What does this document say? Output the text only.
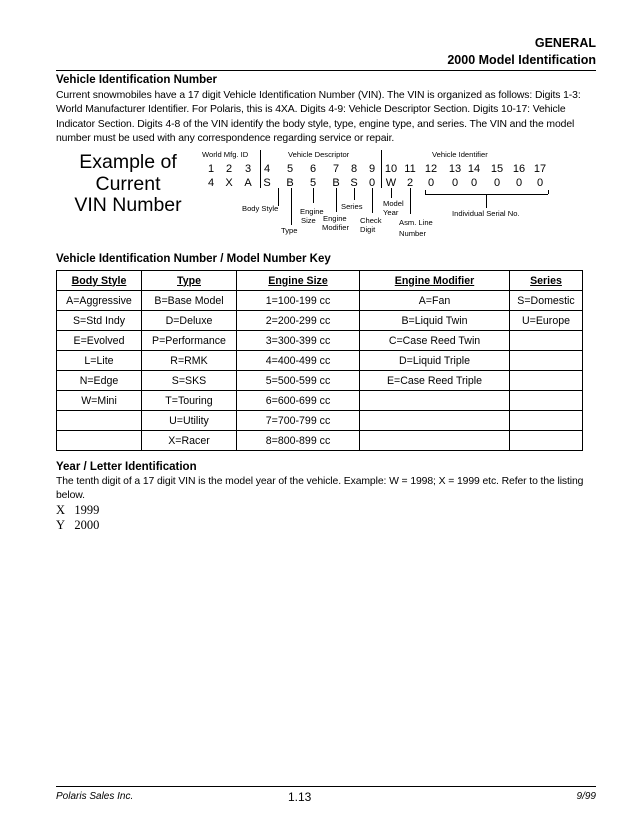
GENERAL
2000 Model Identification
Vehicle Identification Number
Current snowmobiles have a 17 digit Vehicle Identification Number (VIN). The VIN is organized as follows: Digits 1-3: World Manufacturer Identifier. For Polaris, this is 4XA. Digits 4-9: Vehicle Descriptor Section. Digits 10-17: Vehicle Indicator Section. Digits 4-8 of the VIN identify the body style, type, engine type, and series. The VIN and the model number must be used with any correspondence regarding service or repair.
Example of
Current
VIN Number
World Mfg. ID	Vehicle Descriptor	Vehicle Identifier
1	2	3	4	5	6	7	8	9 10 11 12 13 14 15 16 17
4	X	A	S	B	5	B S	0 W 2	0	0	0	0	0	0
Body Style	Engine
Size
Type
Engine
Modifier
Series
Check
Digit
Model
Year
Asm. Line
Number
Individual Serial No.
Vehicle Identification Number / Model Number Key
Body Style	Type	Engine Size	Engine Modifier	Series
A=Aggressive	B=Base Model	1=100-199 cc	A=Fan	S=Domestic
S=Std Indy	D=Deluxe	2=200-299 cc	B=Liquid Twin	U=Europe
E=Evolved	P=Performance	3=300-399 cc	C=Case Reed Twin	
L=Lite	R=RMK	4=400-499 cc	D=Liquid Triple	
N=Edge	S=SKS	5=500-599 cc	E=Case Reed Triple	
W=Mini	T=Touring	6=600-699 cc		
	U=Utility	7=700-799 cc		
	X=Racer	8=800-899 cc		
Year / Letter Identification
The tenth digit of a 17 digit VIN is the model year of the vehicle. Example: W = 1998; X = 1999 etc. Refer to the listing below.
X 1999
Y 2000
Polaris Sales Inc.	1.13	9/99
